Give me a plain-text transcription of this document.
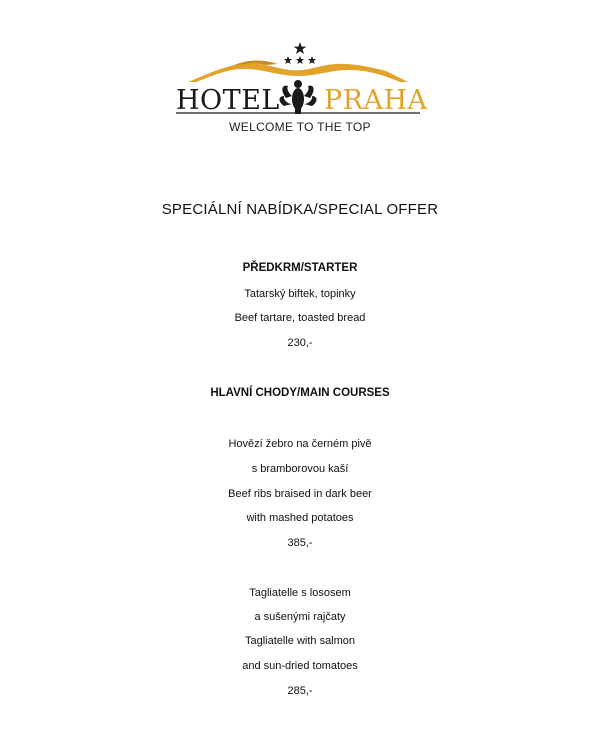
HOTEL PRAHA
WELCOME TO THE TOP
SPECIÁLNÍ NABÍDKA/SPECIAL OFFER
PŘEDKRM/STARTER
Tatarský biftek, topinky
Beef tartare, toasted bread
230,-
HLAVNÍ CHODY/MAIN COURSES
Hovězí žebro na černém pivě
s bramborovou kaší
Beef ribs braised in dark beer
with mashed potatoes
385,-
Tagliatelle s lososem
a sušenými rajčaty
Tagliatelle with salmon
and sun-dried tomatoes
285,-
